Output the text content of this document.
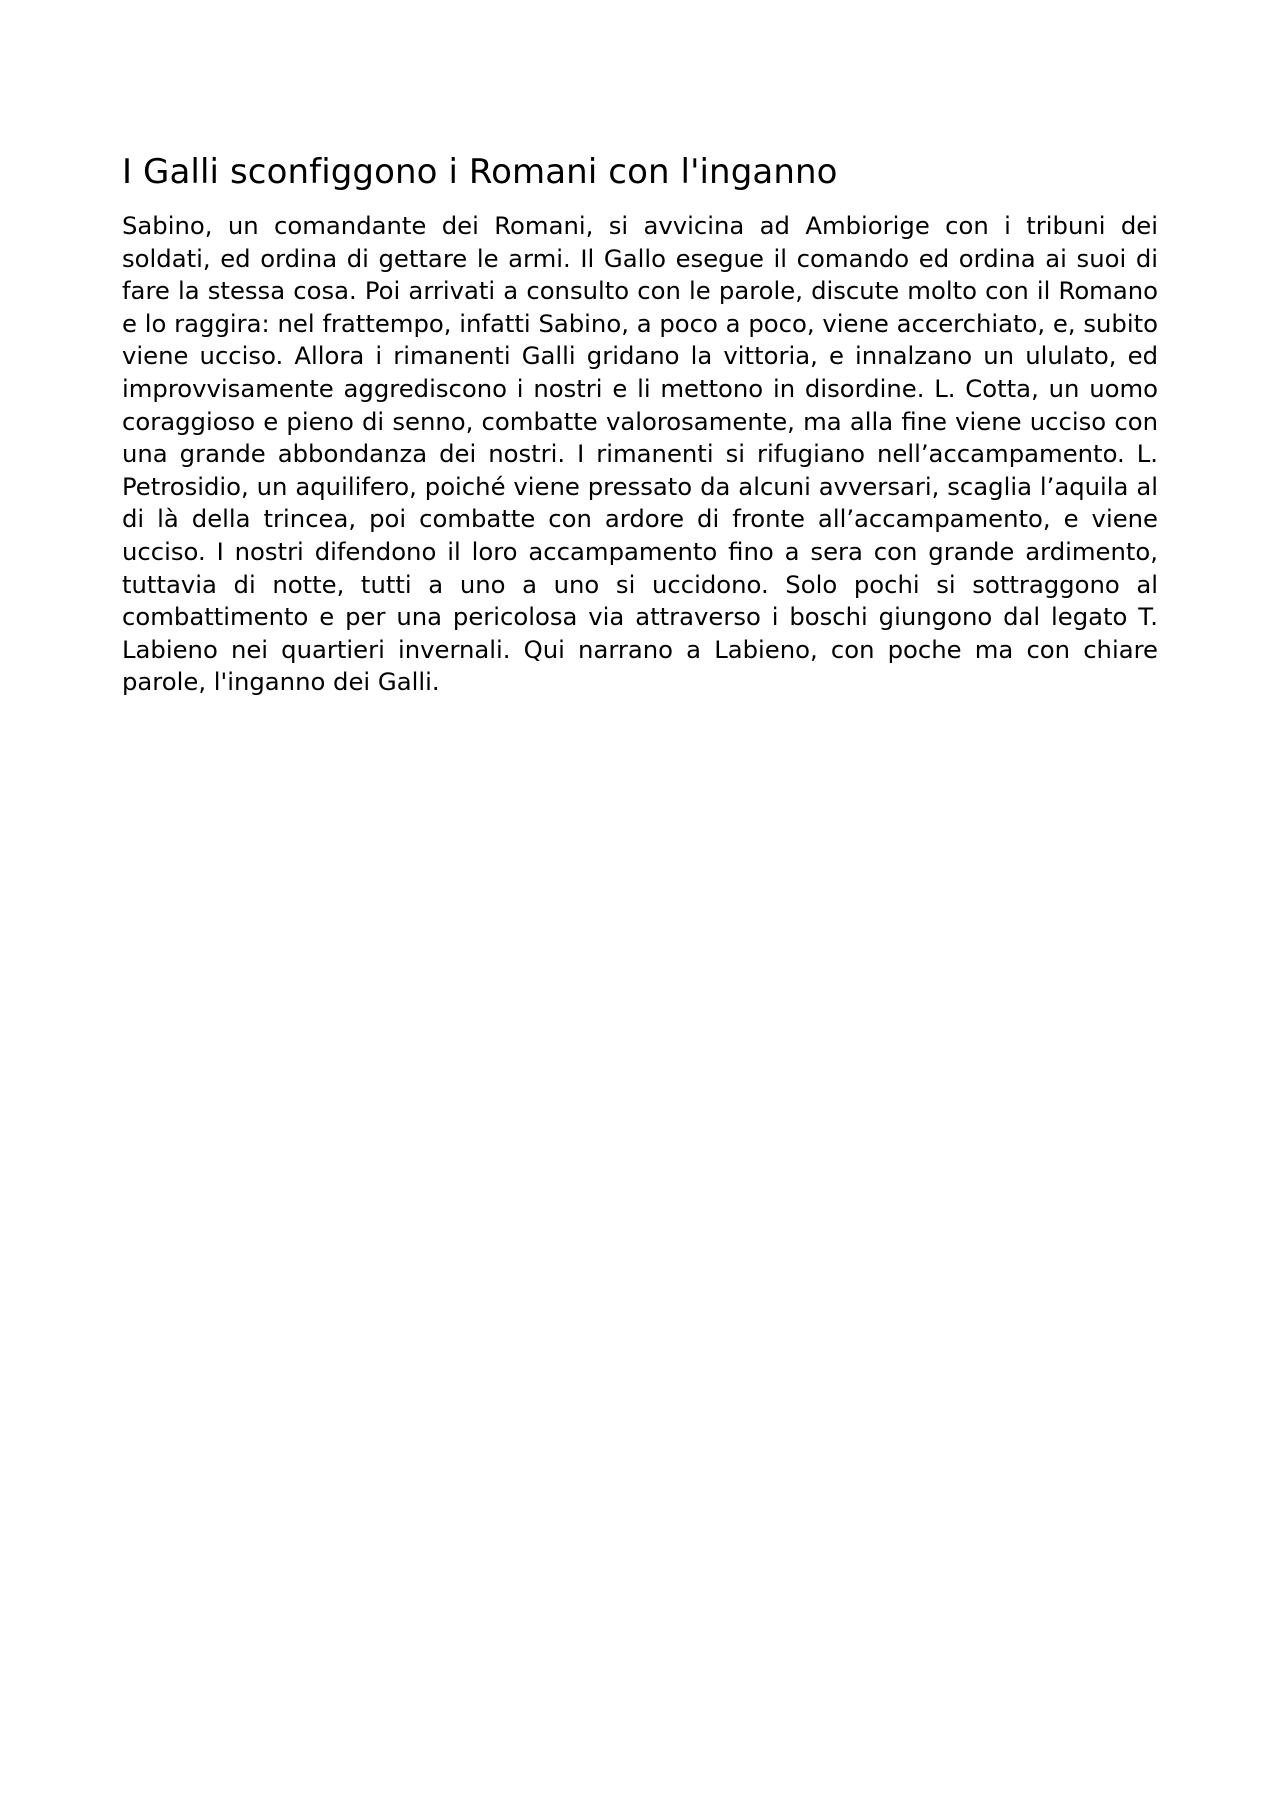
I Galli sconfiggono i Romani con l'inganno

Sabino, un comandante dei Romani, si avvicina ad Ambiorige con i tribuni dei soldati, ed ordina di gettare le armi. Il Gallo esegue il comando ed ordina ai suoi di fare la stessa cosa. Poi arrivati a consulto con le parole, discute molto con il Romano e lo raggira: nel frattempo, infatti Sabino, a poco a poco, viene accerchiato, e, subito viene ucciso. Allora i rimanenti Galli gridano la vittoria, e innalzano un ululato, ed improvvisamente aggrediscono i nostri e li mettono in disordine. L. Cotta, un uomo coraggioso e pieno di senno, combatte valorosamente, ma alla fine viene ucciso con una grande abbondanza dei nostri. I rimanenti si rifugiano nell’accampamento. L. Petrosidio, un aquilifero, poiché viene pressato da alcuni avversari, scaglia l’aquila al di là della trincea, poi combatte con ardore di fronte all’accampamento, e viene ucciso. I nostri difendono il loro accampamento fino a sera con grande ardimento, tuttavia di notte, tutti a uno a uno si uccidono. Solo pochi si sottraggono al combattimento e per una pericolosa via attraverso i boschi giungono dal legato T. Labieno nei quartieri invernali. Qui narrano a Labieno, con poche ma con chiare parole, l'inganno dei Galli.
